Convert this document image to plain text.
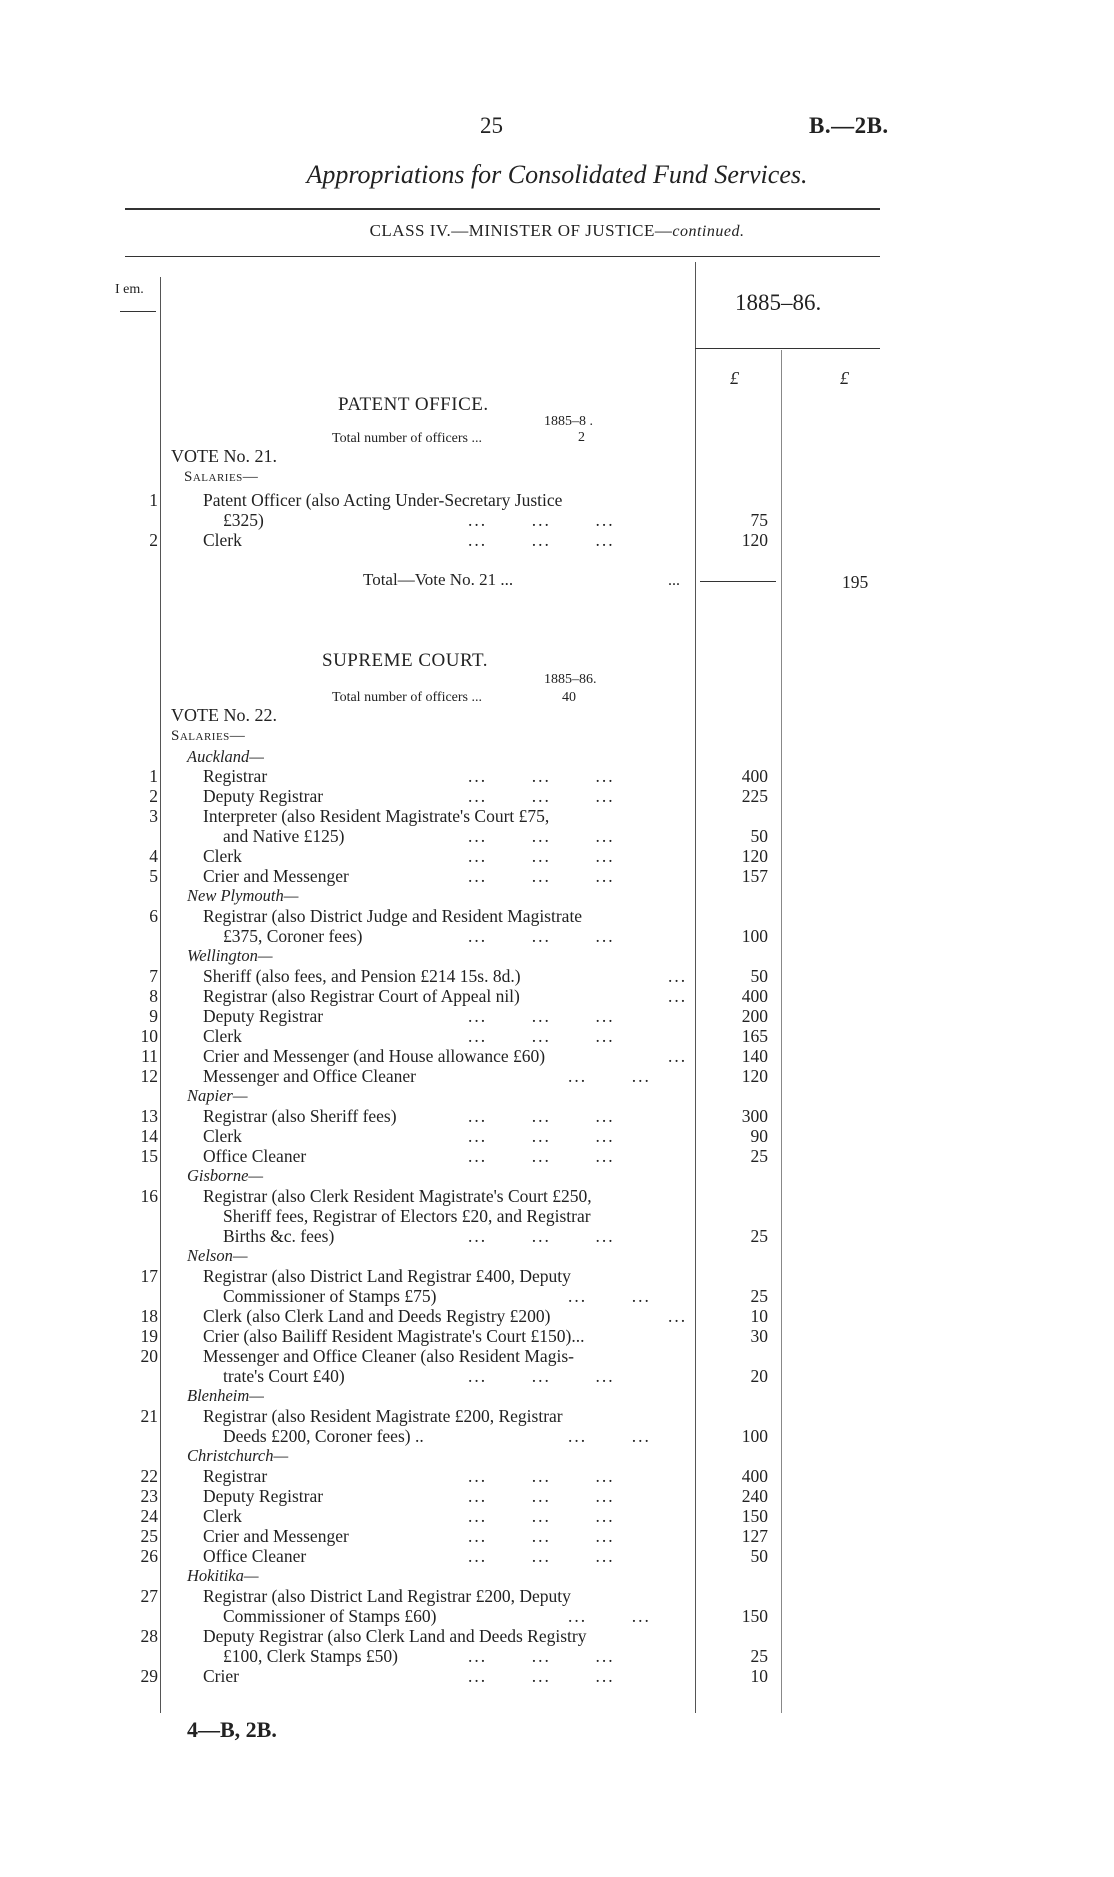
25	B.—2B.
Appropriations for Consolidated Fund Services.
CLASS IV.—MINISTER OF JUSTICE—continued.
I em.
1885–86.
£	£
PATENT OFFICE.
1885–8 .
Total number of officers ...	2
VOTE No. 21.
Salaries—
1	Patent Officer (also Acting Under-Secretary Justice
£325)	...       ...       ...	75
2	Clerk	...       ...       ...	120
Total—Vote No. 21 ...	...	195
SUPREME COURT.
1885–86.
Total number of officers ...	40
VOTE No. 22.
Salaries—
Auckland—
1	Registrar	...       ...       ...	400
2	Deputy Registrar	...       ...       ...	225
3	Interpreter (also Resident Magistrate's Court £75,
and Native £125)	...       ...       ...	50
4	Clerk	...       ...       ...	120
5	Crier and Messenger	...       ...       ...	157
New Plymouth—
6	Registrar (also District Judge and Resident Magistrate
£375, Coroner fees)	...       ...       ...	100
Wellington—
7	Sheriff (also fees, and Pension £214 15s. 8d.)	...	50
8	Registrar (also Registrar Court of Appeal nil)	...	400
9	Deputy Registrar	...       ...       ...	200
10	Clerk	...       ...       ...	165
11	Crier and Messenger (and House allowance £60)	...	140
12	Messenger and Office Cleaner	...       ...	120
Napier—
13	Registrar (also Sheriff fees)	...       ...       ...	300
14	Clerk	...       ...       ...	90
15	Office Cleaner	...       ...       ...	25
Gisborne—
16	Registrar (also Clerk Resident Magistrate's Court £250,
Sheriff fees, Registrar of Electors £20, and Registrar
Births &c. fees)	...       ...       ...	25
Nelson—
17	Registrar (also District Land Registrar £400, Deputy
Commissioner of Stamps £75)	...       ...	25
18	Clerk (also Clerk Land and Deeds Registry £200)	...	10
19	Crier (also Bailiff Resident Magistrate's Court £150)...	30
20	Messenger and Office Cleaner (also Resident Magis-
trate's Court £40)	...       ...       ...	20
Blenheim—
21	Registrar (also Resident Magistrate £200, Registrar
Deeds £200, Coroner fees) ..	...       ...	100
Christchurch—
22	Registrar	...       ...       ...	400
23	Deputy Registrar	...       ...       ...	240
24	Clerk	...       ...       ...	150
25	Crier and Messenger	...       ...       ...	127
26	Office Cleaner	...       ...       ...	50
Hokitika—
27	Registrar (also District Land Registrar £200, Deputy
Commissioner of Stamps £60)	...       ...	150
28	Deputy Registrar (also Clerk Land and Deeds Registry
£100, Clerk Stamps £50)	...       ...       ...	25
29	Crier	...       ...       ...	10
4—B, 2B.
